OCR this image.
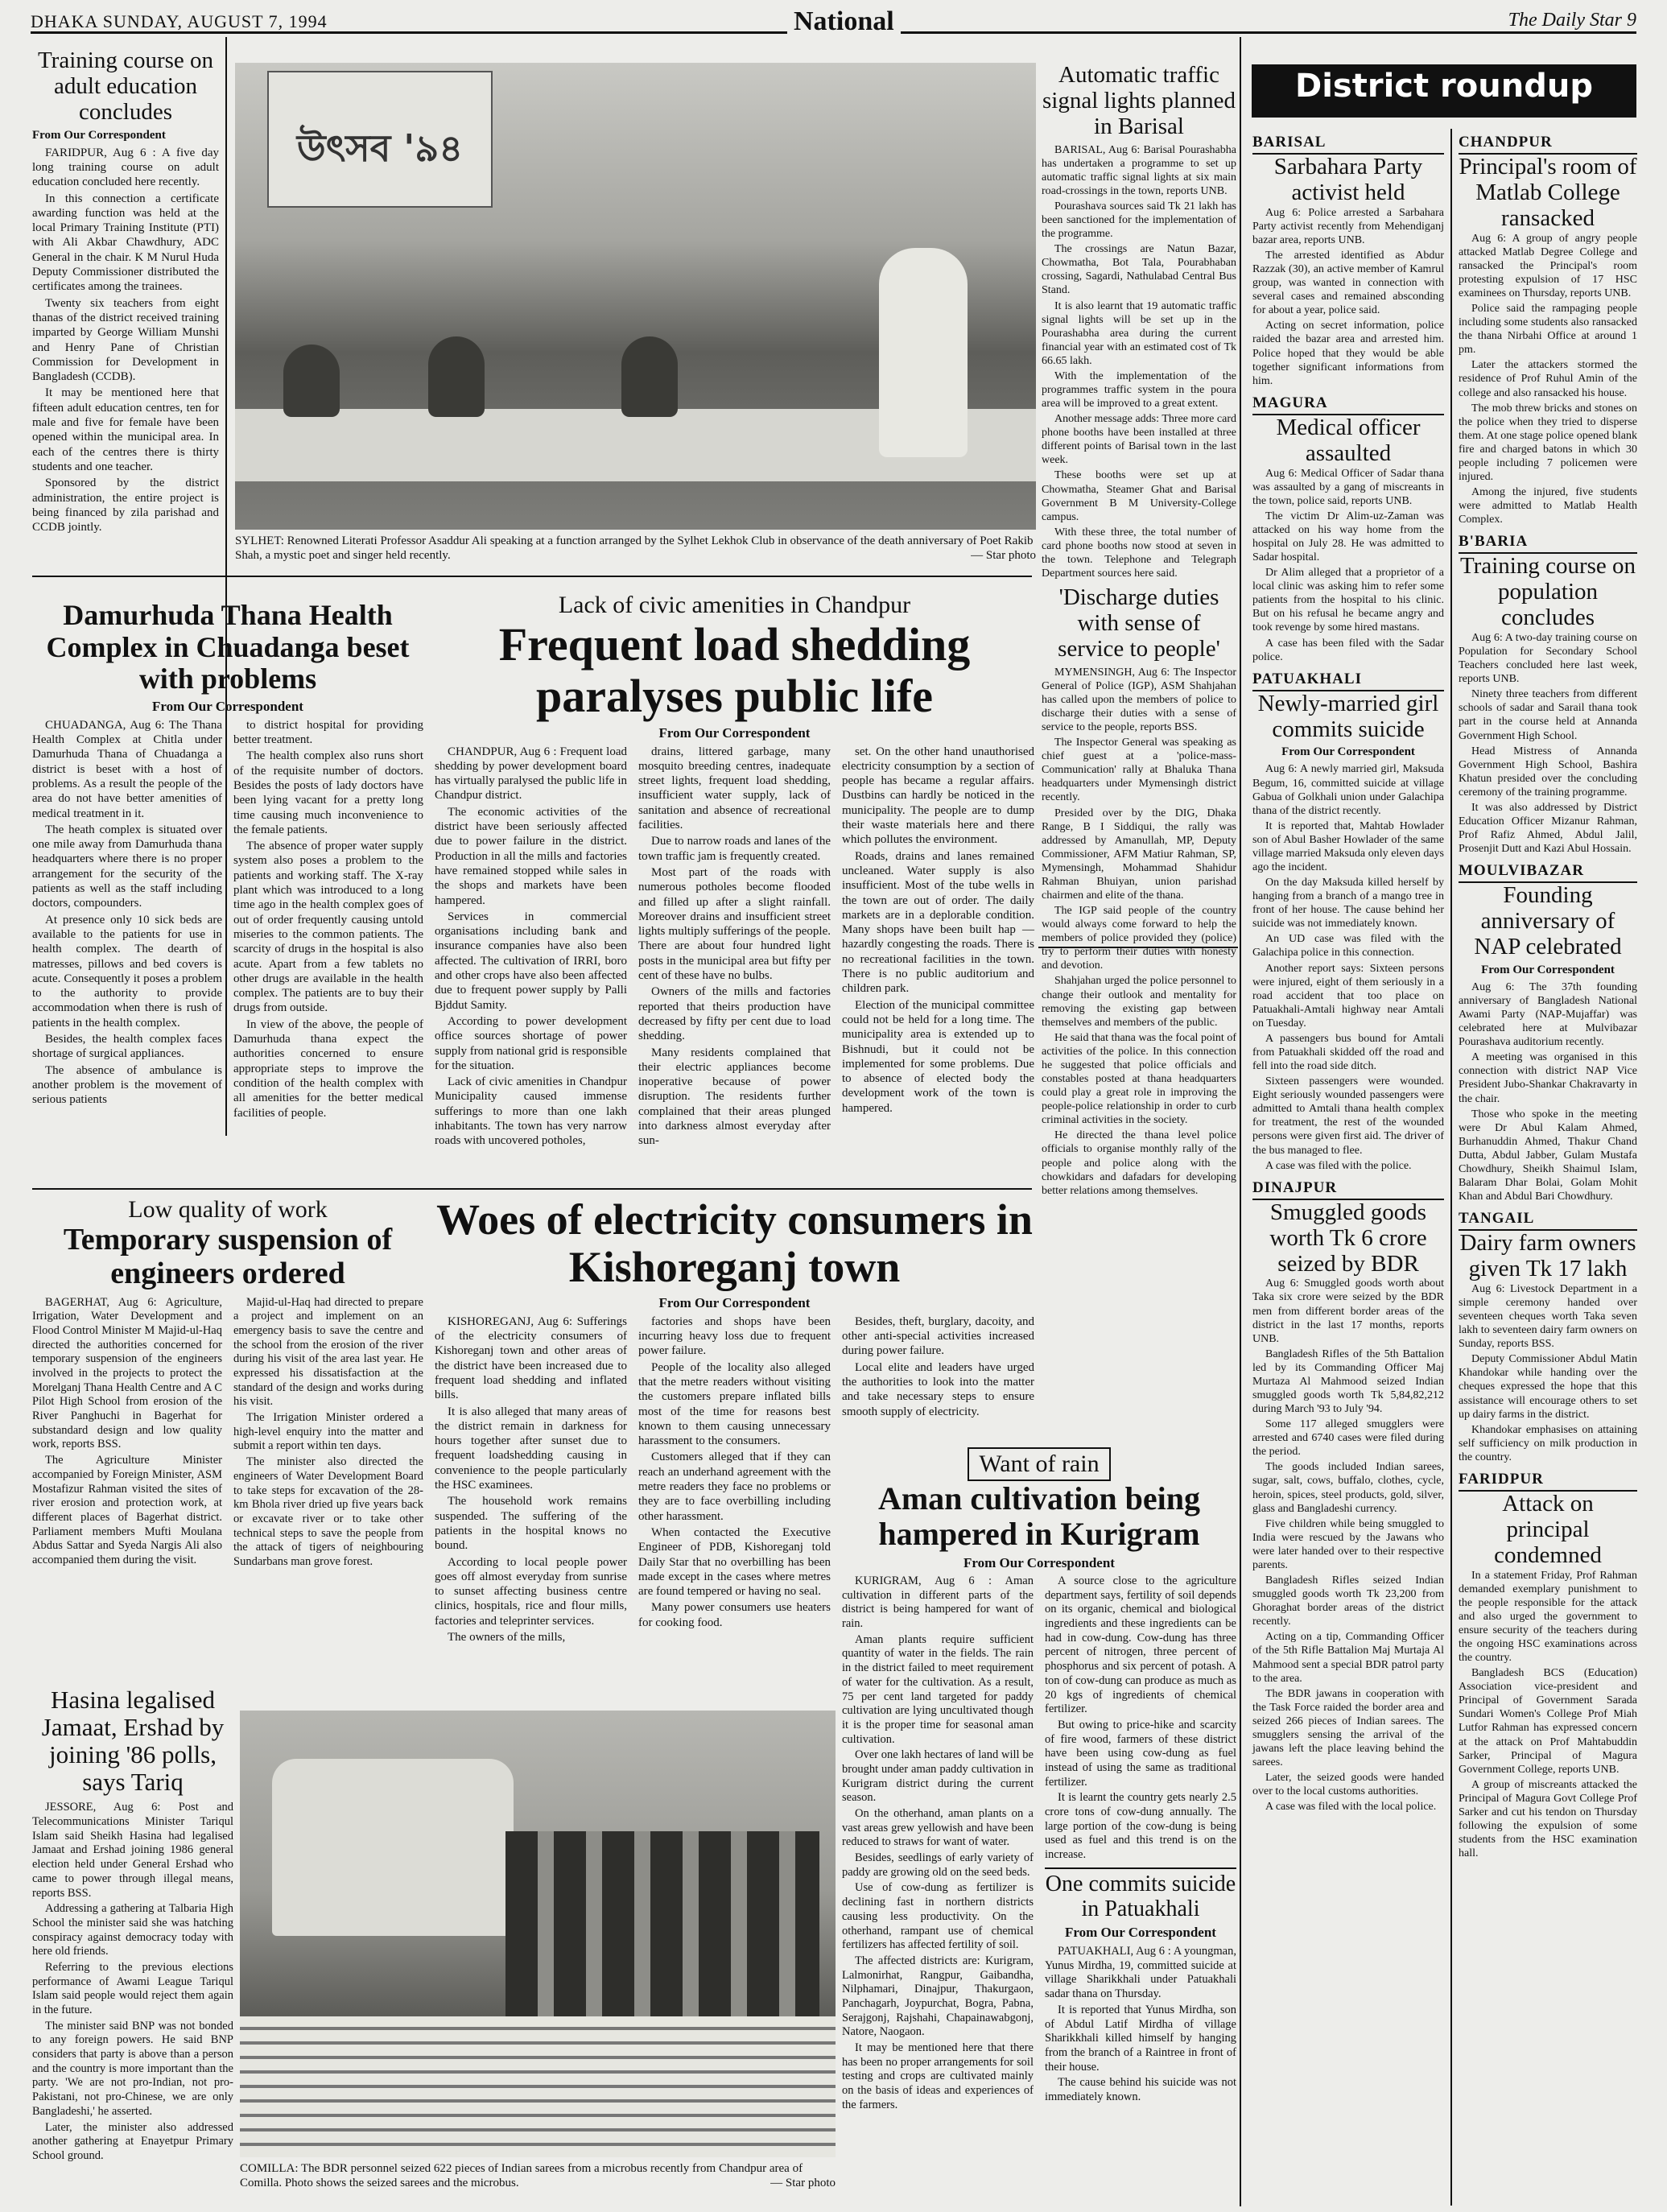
DHAKA SUNDAY, AUGUST 7, 1994	National	The Daily Star 9
Training course on adult education concludes
From Our Correspondent

FARIDPUR, Aug 6 : A five day long training course on adult education concluded here recently.

In this connection a certificate awarding function was held at the local Primary Training Institute (PTI) with Ali Akbar Chawdhury, ADC General in the chair. K M Nurul Huda Deputy Commissioner distributed the certificates among the trainees.

Twenty six teachers from eight thanas of the district received training imparted by George William Munshi and Henry Pane of Christian Commission for Development in Bangladesh (CCDB).

It may be mentioned here that fifteen adult education centres, ten for male and five for female have been opened within the municipal area. In each of the centres there is thirty students and one teacher.

Sponsored by the district administration, the entire project is being financed by zila parishad and CCDB jointly.

উৎসব '৯৪
SYLHET: Renowned Literati Professor Asaddur Ali speaking at a function arranged by the Sylhet Lekhok Club in observance of the death anniversary of Poet Rakib Shah, a mystic poet and singer held recently.	— Star photo
Automatic traffic signal lights planned in Barisal

BARISAL, Aug 6: Barisal Pourashabha has undertaken a programme to set up automatic traffic signal lights at six main road-crossings in the town, reports UNB.

Pourashava sources said Tk 21 lakh has been sanctioned for the implementation of the programme.

The crossings are Natun Bazar, Chowmatha, Bot Tala, Pourabhaban crossing, Sagardi, Nathulabad Central Bus Stand.

It is also learnt that 19 automatic traffic signal lights will be set up in the Pourashabha area during the current financial year with an estimated cost of Tk 66.65 lakh.

With the implementation of the programmes traffic system in the poura area will be improved to a great extent.

Another message adds: Three more card phone booths have been installed at three different points of Barisal town in the last week.

These booths were set up at Chowmatha, Steamer Ghat and Barisal Government B M University-College campus.

With these three, the total number of card phone booths now stood at seven in the town. Telephone and Telegraph Department sources here said.

'Discharge duties with sense of service to people'

MYMENSINGH, Aug 6: The Inspector General of Police (IGP), ASM Shahjahan has called upon the members of police to discharge their duties with a sense of service to the people, reports BSS.

The Inspector General was speaking as chief guest at a 'police-mass-Communication' rally at Bhaluka Thana headquarters under Mymensingh district recently.

Presided over by the DIG, Dhaka Range, B I Siddiqui, the rally was addressed by Amanullah, MP, Deputy Commissioner, AFM Matiur Rahman, SP, Mymensingh, Mohammad Shahidur Rahman Bhuiyan, union parishad chairmen and elite of the thana.

The IGP said people of the country would always come forward to help the members of police provided they (police) try to perform their duties with honesty and devotion.

Shahjahan urged the police personnel to change their outlook and mentality for removing the existing gap between themselves and members of the public.

He said that thana was the focal point of activities of the police. In this connection he suggested that police officials and constables posted at thana headquarters could play a great role in improving the people-police relationship in order to curb criminal activities in the society.

He directed the thana level police officials to organise monthly rally of the people and police along with the chowkidars and dafadars for developing better relations among themselves.

Damurhuda Thana Health Complex in Chuadanga beset with problems
From Our Correspondent

CHUADANGA, Aug 6: The Thana Health Complex at Chitla under Damurhuda Thana of Chuadanga a district is beset with a host of problems. As a result the people of the area do not have better amenities of medical treatment in it.

The heath complex is situated over one mile away from Damurhuda thana headquarters where there is no proper arrangement for the security of the patients as well as the staff including doctors, compounders.

At presence only 10 sick beds are available to the patients for use in health complex. The dearth of matresses, pillows and bed covers is acute. Consequently it poses a problem to the authority to provide accommodation when there is rush of patients in the health complex.

Besides, the health complex faces shortage of surgical appliances.

The absence of ambulance is another problem is the movement of serious patients

to district hospital for providing better treatment.

The health complex also runs short of the requisite number of doctors. Besides the posts of lady doctors have been lying vacant for a pretty long time causing much inconvenience to the female patients.

The absence of proper water supply system also poses a problem to the patients and working staff. The X-ray plant which was introduced to a long time ago in the health complex goes of out of order frequently causing untold miseries to the common patients. The scarcity of drugs in the hospital is also acute. Apart from a few tablets no other drugs are available in the health complex. The patients are to buy their drugs from outside.

In view of the above, the people of Damurhuda thana expect the authorities concerned to ensure appropriate steps to improve the condition of the health complex with all amenities for the better medical facilities of people.

Lack of civic amenities in Chandpur
Frequent load shedding paralyses public life
From Our Correspondent

CHANDPUR, Aug 6 : Frequent load shedding by power development board has virtually paralysed the public life in Chandpur district.

The economic activities of the district have been seriously affected due to power failure in the district. Production in all the mills and factories have remained stopped while sales in the shops and markets have been hampered.

Services in commercial organisations including bank and insurance companies have also been affected. The cultivation of IRRI, boro and other crops have also been affected due to frequent power supply by Palli Bjddut Samity.

According to power development office sources shortage of power supply from national grid is responsible for the situation.

Lack of civic amenities in Chandpur Municipality caused immense sufferings to more than one lakh inhabitants. The town has very narrow roads with uncovered potholes,

drains, littered garbage, many mosquito breeding centres, inadequate street lights, frequent load shedding, insufficient water supply, lack of sanitation and absence of recreational facilities.

Due to narrow roads and lanes of the town traffic jam is frequently created.

Most part of the roads with numerous potholes become flooded and filled up after a slight rainfall. Moreover drains and insufficient street lights multiply sufferings of the people. There are about four hundred light posts in the municipal area but fifty per cent of these have no bulbs.

Owners of the mills and factories reported that theirs production have decreased by fifty per cent due to load shedding.

Many residents complained that their electric appliances become inoperative because of power disruption. The residents further complained that their areas plunged into darkness almost everyday after sun-

set. On the other hand unauthorised electricity consumption by a section of people has became a regular affairs. Dustbins can hardly be noticed in the municipality. The people are to dump their waste materials here and there which pollutes the environment.

Roads, drains and lanes remained uncleaned. Water supply is also insufficient. Most of the tube wells in the town are out of order. The daily markets are in a deplorable condition. Many shops have been built hap — hazardly congesting the roads. There is no recreational facilities in the town. There is no public auditorium and children park.

Election of the municipal committee could not be held for a long time. The municipality area is extended up to Bishnudi, but it could not be implemented for some problems. Due to absence of elected body the development work of the town is hampered.

Low quality of work
Temporary suspension of engineers ordered

BAGERHAT, Aug 6: Agriculture, Irrigation, Water Development and Flood Control Minister M Majid-ul-Haq directed the authorities concerned for temporary suspension of the engineers involved in the projects to protect the Morelganj Thana Health Centre and A C Pilot High School from erosion of the River Panghuchi in Bagerhat for substandard design and low quality work, reports BSS.

The Agriculture Minister accompanied by Foreign Minister, ASM Mostafizur Rahman visited the sites of river erosion and protection work, at different places of Bagerhat district. Parliament members Mufti Moulana Abdus Sattar and Syeda Nargis Ali also accompanied them during the visit.

Majid-ul-Haq had directed to prepare a project and implement on an emergency basis to save the centre and the school from the erosion of the river during his visit of the area last year. He expressed his dissatisfaction at the standard of the design and works during his visit.

The Irrigation Minister ordered a high-level enquiry into the matter and submit a report within ten days.

The minister also directed the engineers of Water Development Board to take steps for excavation of the 28-km Bhola river dried up five years back or excavate river or to take other technical steps to save the people from the attack of tigers of neighbouring Sundarbans man grove forest.

Woes of electricity consumers in Kishoreganj town
From Our Correspondent

KISHOREGANJ, Aug 6: Sufferings of the electricity consumers of Kishoreganj town and other areas of the district have been increased due to frequent load shedding and inflated bills.

It is also alleged that many areas of the district remain in darkness for hours together after sunset due to frequent loadshedding causing in convenience to the people particularly the HSC examinees.

The household work remains suspended. The suffering of the patients in the hospital knows no bound.

According to local people power goes off almost everyday from sunrise to sunset affecting business centre clinics, hospitals, rice and flour mills, factories and teleprinter services.

The owners of the mills,

factories and shops have been incurring heavy loss due to frequent power failure.

People of the locality also alleged that the metre readers without visiting the customers prepare inflated bills most of the time for reasons best known to them causing unnecessary harassment to the consumers.

Customers alleged that if they can reach an underhand agreement with the metre readers they face no problems or they are to face overbilling including other harassment.

When contacted the Executive Engineer of PDB, Kishoreganj told Daily Star that no overbilling has been made except in the cases where metres are found tempered or having no seal.

Many power consumers use heaters for cooking food.

Besides, theft, burglary, dacoity, and other anti-special activities increased during power failure.

Local elite and leaders have urged the authorities to look into the matter and take necessary steps to ensure smooth supply of electricity.

Hasina legalised Jamaat, Ershad by joining '86 polls, says Tariq

JESSORE, Aug 6: Post and Telecommunications Minister Tariqul Islam said Sheikh Hasina had legalised Jamaat and Ershad joining 1986 general election held under General Ershad who came to power through illegal means, reports BSS.

Addressing a gathering at Talbaria High School the minister said she was hatching conspiracy against democracy today with here old friends.

Referring to the previous elections performance of Awami League Tariqul Islam said people would reject them again in the future.

The minister said BNP was not bonded to any foreign powers. He said BNP considers that party is above than a person and the country is more important than the party. 'We are not pro-Indian, not pro-Pakistani, not pro-Chinese, we are only Bangladeshi,' he asserted.

Later, the minister also addressed another gathering at Enayetpur Primary School ground.

COMILLA: The BDR personnel seized 622 pieces of Indian sarees from a microbus recently from Chandpur area of Comilla. Photo shows the seized sarees and the microbus.	— Star photo
Want of rain
Aman cultivation being hampered in Kurigram
From Our Correspondent

KURIGRAM, Aug 6 : Aman cultivation in different parts of the district is being hampered for want of rain.

Aman plants require sufficient quantity of water in the fields. The rain in the district failed to meet requirement of water for the cultivation. As a result, 75 per cent land targeted for paddy cultivation are lying uncultivated though it is the proper time for seasonal aman cultivation.

Over one lakh hectares of land will be brought under aman paddy cultivation in Kurigram district during the current season.

On the otherhand, aman plants on a vast areas grew yellowish and have been reduced to straws for want of water.

Besides, seedlings of early variety of paddy are growing old on the seed beds.

Use of cow-dung as fertilizer is declining fast in northern districts causing less productivity. On the otherhand, rampant use of chemical fertilizers has affected fertility of soil.

The affected districts are: Kurigram, Lalmonirhat, Rangpur, Gaibandha, Nilphamari, Dinajpur, Thakurgaon, Panchagarh, Joypurchat, Bogra, Pabna, Serajgonj, Rajshahi, Chapainawabgonj, Natore, Naogaon.

It may be mentioned here that there has been no proper arrangements for soil testing and crops are cultivated mainly on the basis of ideas and experiences of the farmers.

A source close to the agriculture department says, fertility of soil depends on its organic, chemical and biological ingredients and these ingredients can be had in cow-dung. Cow-dung has three percent of nitrogen, three percent of phosphorus and six percent of potash. A ton of cow-dung can produce as much as 20 kgs of ingredients of chemical fertilizer.

But owing to price-hike and scarcity of fire wood, farmers of these district have been using cow-dung as fuel instead of using the same as traditional fertilizer.

It is learnt the country gets nearly 2.5 crore tons of cow-dung annually. The large portion of the cow-dung is being used as fuel and this trend is on the increase.

One commits suicide in Patuakhali
From Our Correspondent

PATUAKHALI, Aug 6 : A youngman, Yunus Mirdha, 19, committed suicide at village Sharikkhali under Patuakhali sadar thana on Thursday.

It is reported that Yunus Mirdha, son of Abdul Latif Mirdha of village Sharikkhali killed himself by hanging from the branch of a Raintree in front of their house.

The cause behind his suicide was not immediately known.

District roundup
BARISAL
Sarbahara Party activist held

Aug 6: Police arrested a Sarbahara Party activist recently from Mehendiganj bazar area, reports UNB.

The arrested identified as Abdur Razzak (30), an active member of Kamrul group, was wanted in connection with several cases and remained absconding for about a year, police said.

Acting on secret information, police raided the bazar area and arrested him. Police hoped that they would be able together significant informations from him.

MAGURA
Medical officer assaulted

Aug 6: Medical Officer of Sadar thana was assaulted by a gang of miscreants in the town, police said, reports UNB.

The victim Dr Alim-uz-Zaman was attacked on his way home from the hospital on July 28. He was admitted to Sadar hospital.

Dr Alim alleged that a proprietor of a local clinic was asking him to refer some patients from the hospital to his clinic. But on his refusal he became angry and took revenge by some hired mastans.

A case has been filed with the Sadar police.

PATUAKHALI
Newly-married girl commits suicide
From Our Correspondent

Aug 6: A newly married girl, Maksuda Begum, 16, committed suicide at village Gabua of Golkhali union under Galachipa thana of the district recently.

It is reported that, Mahtab Howlader son of Abul Basher Howlader of the same village married Maksuda only eleven days ago the incident.

On the day Maksuda killed herself by hanging from a branch of a mango tree in front of her house. The cause behind her suicide was not immediately known.

An UD case was filed with the Galachipa police in this connection.

Another report says: Sixteen persons were injured, eight of them seriously in a road accident that too place on Patuakhali-Amtali highway near Amtali on Tuesday.

A passengers bus bound for Amtali from Patuakhali skidded off the road and fell into the road side ditch.

Sixteen passengers were wounded. Eight seriously wounded passengers were admitted to Amtali thana health complex for treatment, the rest of the wounded persons were given first aid. The driver of the bus managed to flee.

A case was filed with the police.

DINAJPUR
Smuggled goods worth Tk 6 crore seized by BDR

Aug 6: Smuggled goods worth about Taka six crore were seized by the BDR men from different border areas of the district in the last 17 months, reports UNB.

Bangladesh Rifles of the 5th Battalion led by its Commanding Officer Maj Murtaza Al Mahmood seized Indian smuggled goods worth Tk 5,84,82,212 during March '93 to July '94.

Some 117 alleged smugglers were arrested and 6740 cases were filed during the period.

The goods included Indian sarees, sugar, salt, cows, buffalo, clothes, cycle, heroin, spices, steel products, gold, silver, glass and Bangladeshi currency.

Five children while being smuggled to India were rescued by the Jawans who were later handed over to their respective parents.

Bangladesh Rifles seized Indian smuggled goods worth Tk 23,200 from Ghoraghat border areas of the district recently.

Acting on a tip, Commanding Officer of the 5th Rifle Battalion Maj Murtaja Al Mahmood sent a special BDR patrol party to the area.

The BDR jawans in cooperation with the Task Force raided the border area and seized 266 pieces of Indian sarees. The smugglers sensing the arrival of the jawans left the place leaving behind the sarees.

Later, the seized goods were handed over to the local customs authorities.

A case was filed with the local police.

CHANDPUR
Principal's room of Matlab College ransacked

Aug 6: A group of angry people attacked Matlab Degree College and ransacked the Principal's room protesting expulsion of 17 HSC examinees on Thursday, reports UNB.

Police said the rampaging people including some students also ransacked the thana Nirbahi Office at around 1 pm.

Later the attackers stormed the residence of Prof Ruhul Amin of the college and also ransacked his house.

The mob threw bricks and stones on the police when they tried to disperse them. At one stage police opened blank fire and charged batons in which 30 people including 7 policemen were injured.

Among the injured, five students were admitted to Matlab Health Complex.

B'BARIA
Training course on population concludes

Aug 6: A two-day training course on Population for Secondary School Teachers concluded here last week, reports UNB.

Ninety three teachers from different schools of sadar and Sarail thana took part in the course held at Annanda Government High School.

Head Mistress of Annanda Government High School, Bashira Khatun presided over the concluding ceremony of the training programme.

It was also addressed by District Education Officer Mizanur Rahman, Prof Rafiz Ahmed, Abdul Jalil, Prosenjit Dutt and Kazi Abul Hossain.

MOULVIBAZAR
Founding anniversary of NAP celebrated
From Our Correspondent

Aug 6: The 37th founding anniversary of Bangladesh National Awami Party (NAP-Mujaffar) was celebrated here at Mulvibazar Pourashava auditorium recently.

A meeting was organised in this connection with district NAP Vice President Jubo-Shankar Chakravarty in the chair.

Those who spoke in the meeting were Dr Abul Kalam Ahmed, Burhanuddin Ahmed, Thakur Chand Dutta, Abdul Jabber, Gulam Mustafa Chowdhury, Sheikh Shaimul Islam, Balaram Dhar Bolai, Golam Mohit Khan and Abdul Bari Chowdhury.

TANGAIL
Dairy farm owners given Tk 17 lakh

Aug 6: Livestock Department in a simple ceremony handed over seventeen cheques worth Taka seven lakh to seventeen dairy farm owners on Sunday, reports BSS.

Deputy Commissioner Abdul Matin Khandokar while handing over the cheques expressed the hope that this assistance will encourage others to set up dairy farms in the district.

Khandokar emphasises on attaining self sufficiency on milk production in the country.

FARIDPUR
Attack on principal condemned

In a statement Friday, Prof Rahman demanded exemplary punishment to the people responsible for the attack and also urged the government to ensure security of the teachers during the ongoing HSC examinations across the country.

Bangladesh BCS (Education) Association vice-president and Principal of Government Sarada Sundari Women's College Prof Miah Lutfor Rahman has expressed concern at the attack on Prof Mahtabuddin Sarker, Principal of Magura Government College, reports UNB.

A group of miscreants attacked the Principal of Magura Govt College Prof Sarker and cut his tendon on Thursday following the expulsion of some students from the HSC examination hall.
